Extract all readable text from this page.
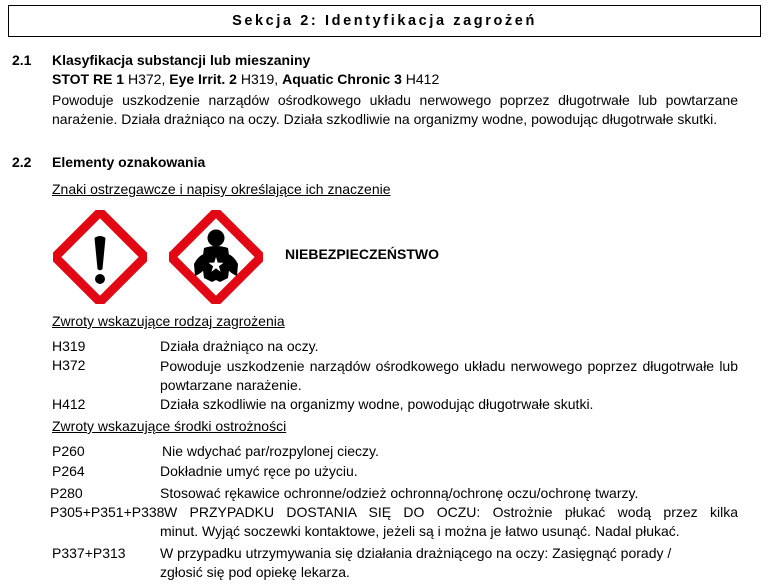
Sekcja 2: Identyfikacja zagrożeń
2.1 Klasyfikacja substancji lub mieszaniny
STOT RE 1 H372, Eye Irrit. 2 H319, Aquatic Chronic 3 H412
Powoduje uszkodzenie narządów ośrodkowego układu nerwowego poprzez długotrwałe lub powtarzane narażenie. Działa drażniąco na oczy. Działa szkodliwie na organizmy wodne, powodując długotrwałe skutki.
2.2 Elementy oznakowania
Znaki ostrzegawcze i napisy określające ich znaczenie
NIEBEZPIECZEŃSTWO
Zwroty wskazujące rodzaj zagrożenia
H319	Działa drażniąco na oczy.
H372	Powoduje uszkodzenie narządów ośrodkowego układu nerwowego poprzez długotrwałe lub powtarzane narażenie.
H412	Działa szkodliwie na organizmy wodne, powodując długotrwałe skutki.
Zwroty wskazujące środki ostrożności
P260	Nie wdychać par/rozpylonej cieczy.
P264	Dokładnie umyć ręce po użyciu.
P280	Stosować rękawice ochronne/odzież ochronną/ochronę oczu/ochronę twarzy.
P305+P351+P338 W PRZYPADKU DOSTANIA SIĘ DO OCZU: Ostrożnie płukać wodą przez kilka
minut. Wyjąć soczewki kontaktowe, jeżeli są i można je łatwo usunąć. Nadal płukać.
P337+P313 W przypadku utrzymywania się działania drażniącego na oczy: Zasięgnąć porady /
zgłosić się pod opiekę lekarza.
